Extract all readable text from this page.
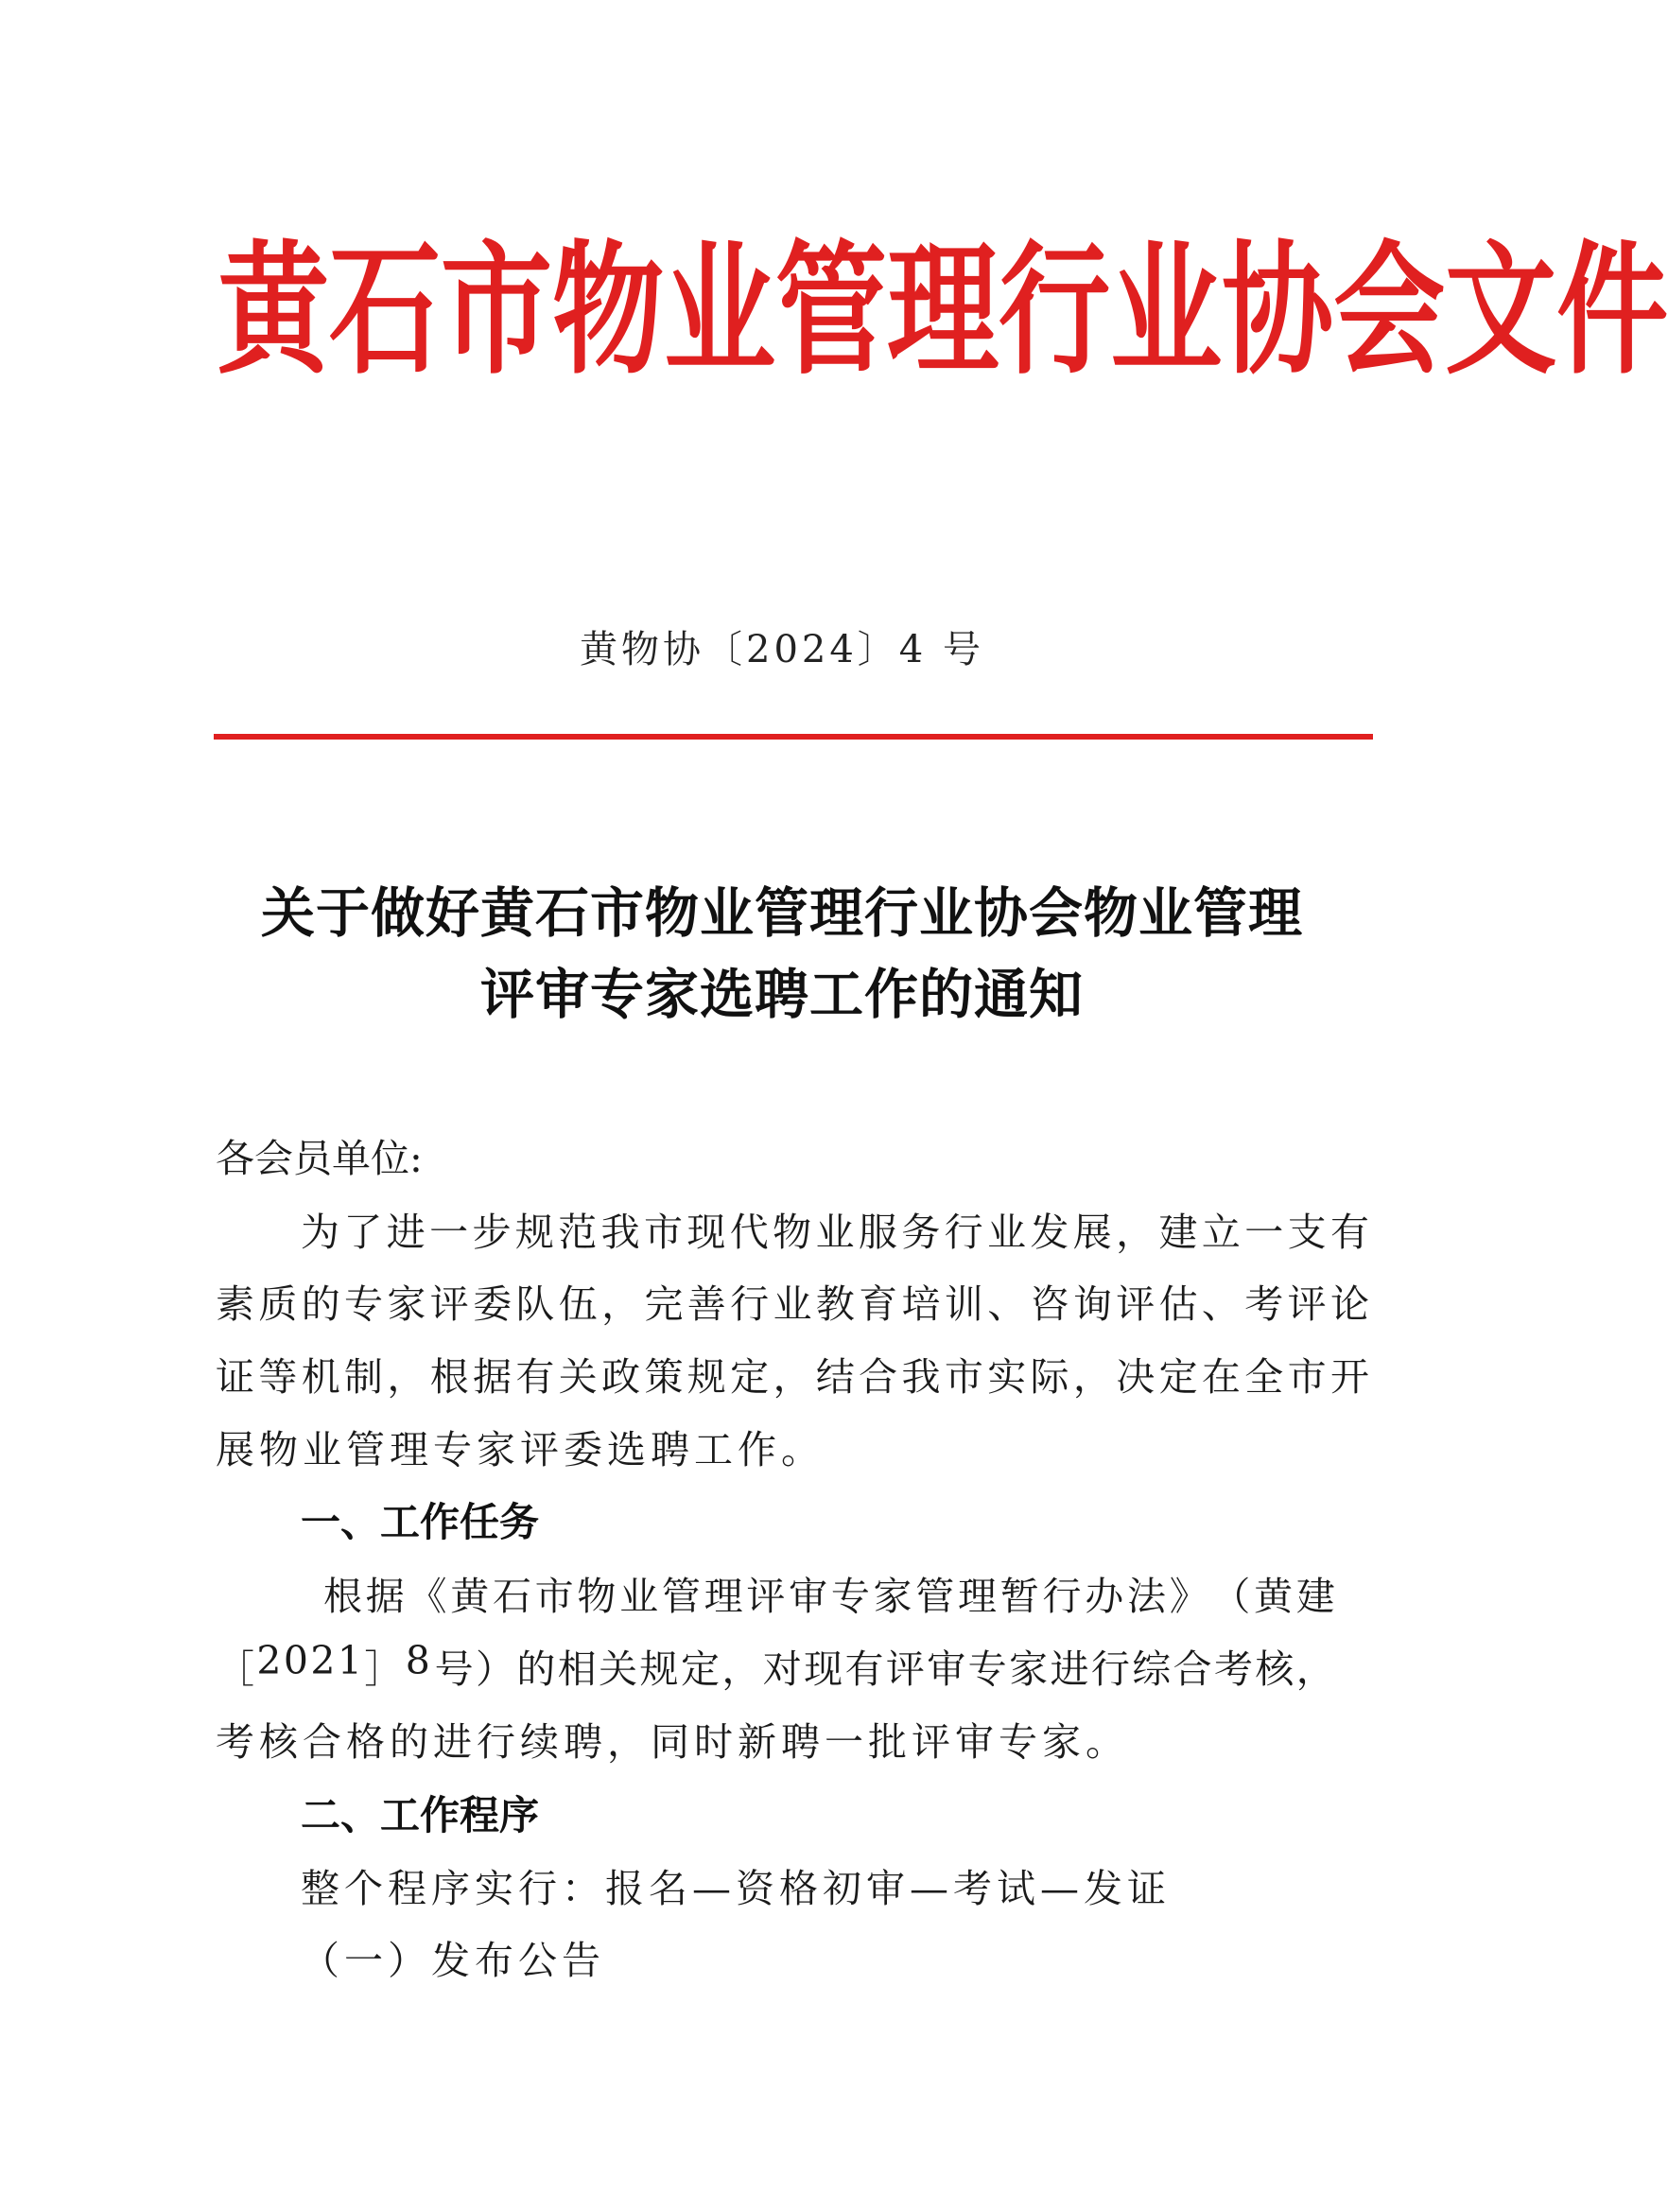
黄 石 市 物 业 管 理 行 业 协 会 文 件
黄物协〔2024〕4 号
关于做好黄石市物业管理行业协会物业管理
评审专家选聘工作的通知
各会员单位:
为 了 进 一 步 规 范 我 市 现 代 物 业 服 务 行 业 发 展 ， 建 立 一 支 有
素 质 的 专 家 评 委 队 伍 ， 完 善 行 业 教 育 培 训 、 咨 询 评 估 、 考 评 论
证 等 机 制 ， 根 据 有 关 政 策 规 定 ， 结 合 我 市 实 际 ， 决 定 在 全 市 开
展物业管理专家评委选聘工作。
一、工作任务
根 据 《 黄 石 市 物 业 管 理 评 审 专 家 管 理 暂 行 办 法 》 （ 黄 建
［ 2 0 2 1 ］ 8 号 ） 的 相 关 规 定 ， 对 现 有 评 审 专 家 进 行 综 合 考 核 ，
考核合格的进行续聘，同时新聘一批评审专家。
二、工作程序
整个程序实行：报名—资格初审—考试—发证
（一）发布公告
